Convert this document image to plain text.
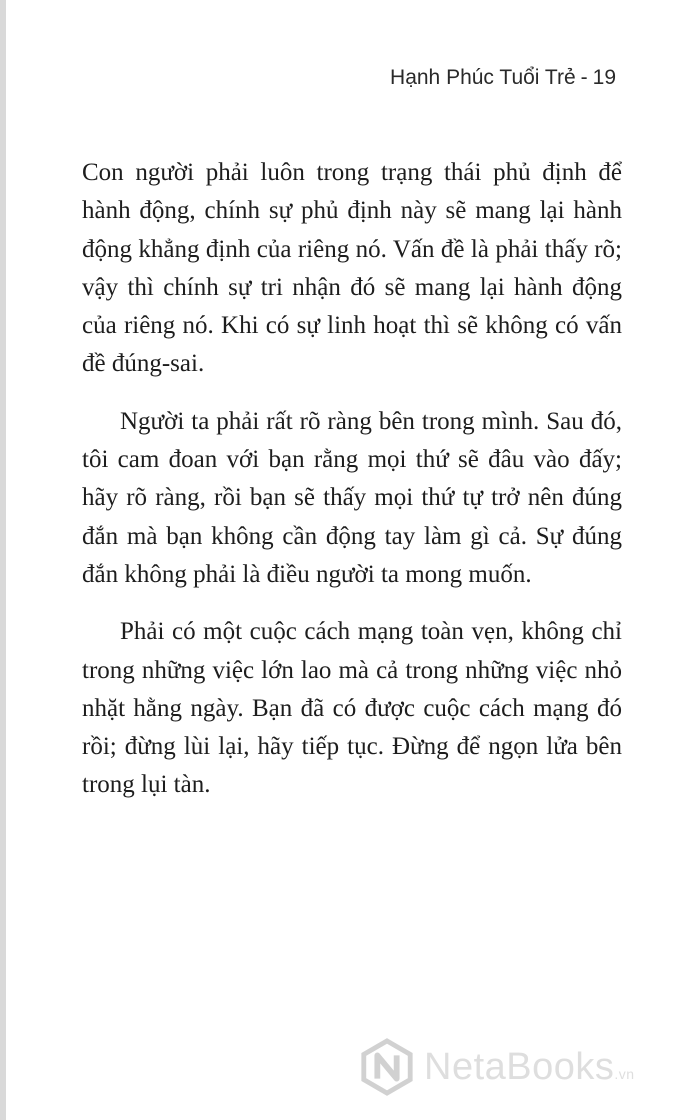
Hạnh Phúc Tuổi Trẻ - 19

Con người phải luôn trong trạng thái phủ định để hành động, chính sự phủ định này sẽ mang lại hành động khẳng định của riêng nó. Vấn đề là phải thấy rõ; vậy thì chính sự tri nhận đó sẽ mang lại hành động của riêng nó. Khi có sự linh hoạt thì sẽ không có vấn đề đúng-sai.

Người ta phải rất rõ ràng bên trong mình. Sau đó, tôi cam đoan với bạn rằng mọi thứ sẽ đâu vào đấy; hãy rõ ràng, rồi bạn sẽ thấy mọi thứ tự trở nên đúng đắn mà bạn không cần động tay làm gì cả. Sự đúng đắn không phải là điều người ta mong muốn.

Phải có một cuộc cách mạng toàn vẹn, không chỉ trong những việc lớn lao mà cả trong những việc nhỏ nhặt hằng ngày. Bạn đã có được cuộc cách mạng đó rồi; đừng lùi lại, hãy tiếp tục. Đừng để ngọn lửa bên trong lụi tàn.

NetaBooks.vn
